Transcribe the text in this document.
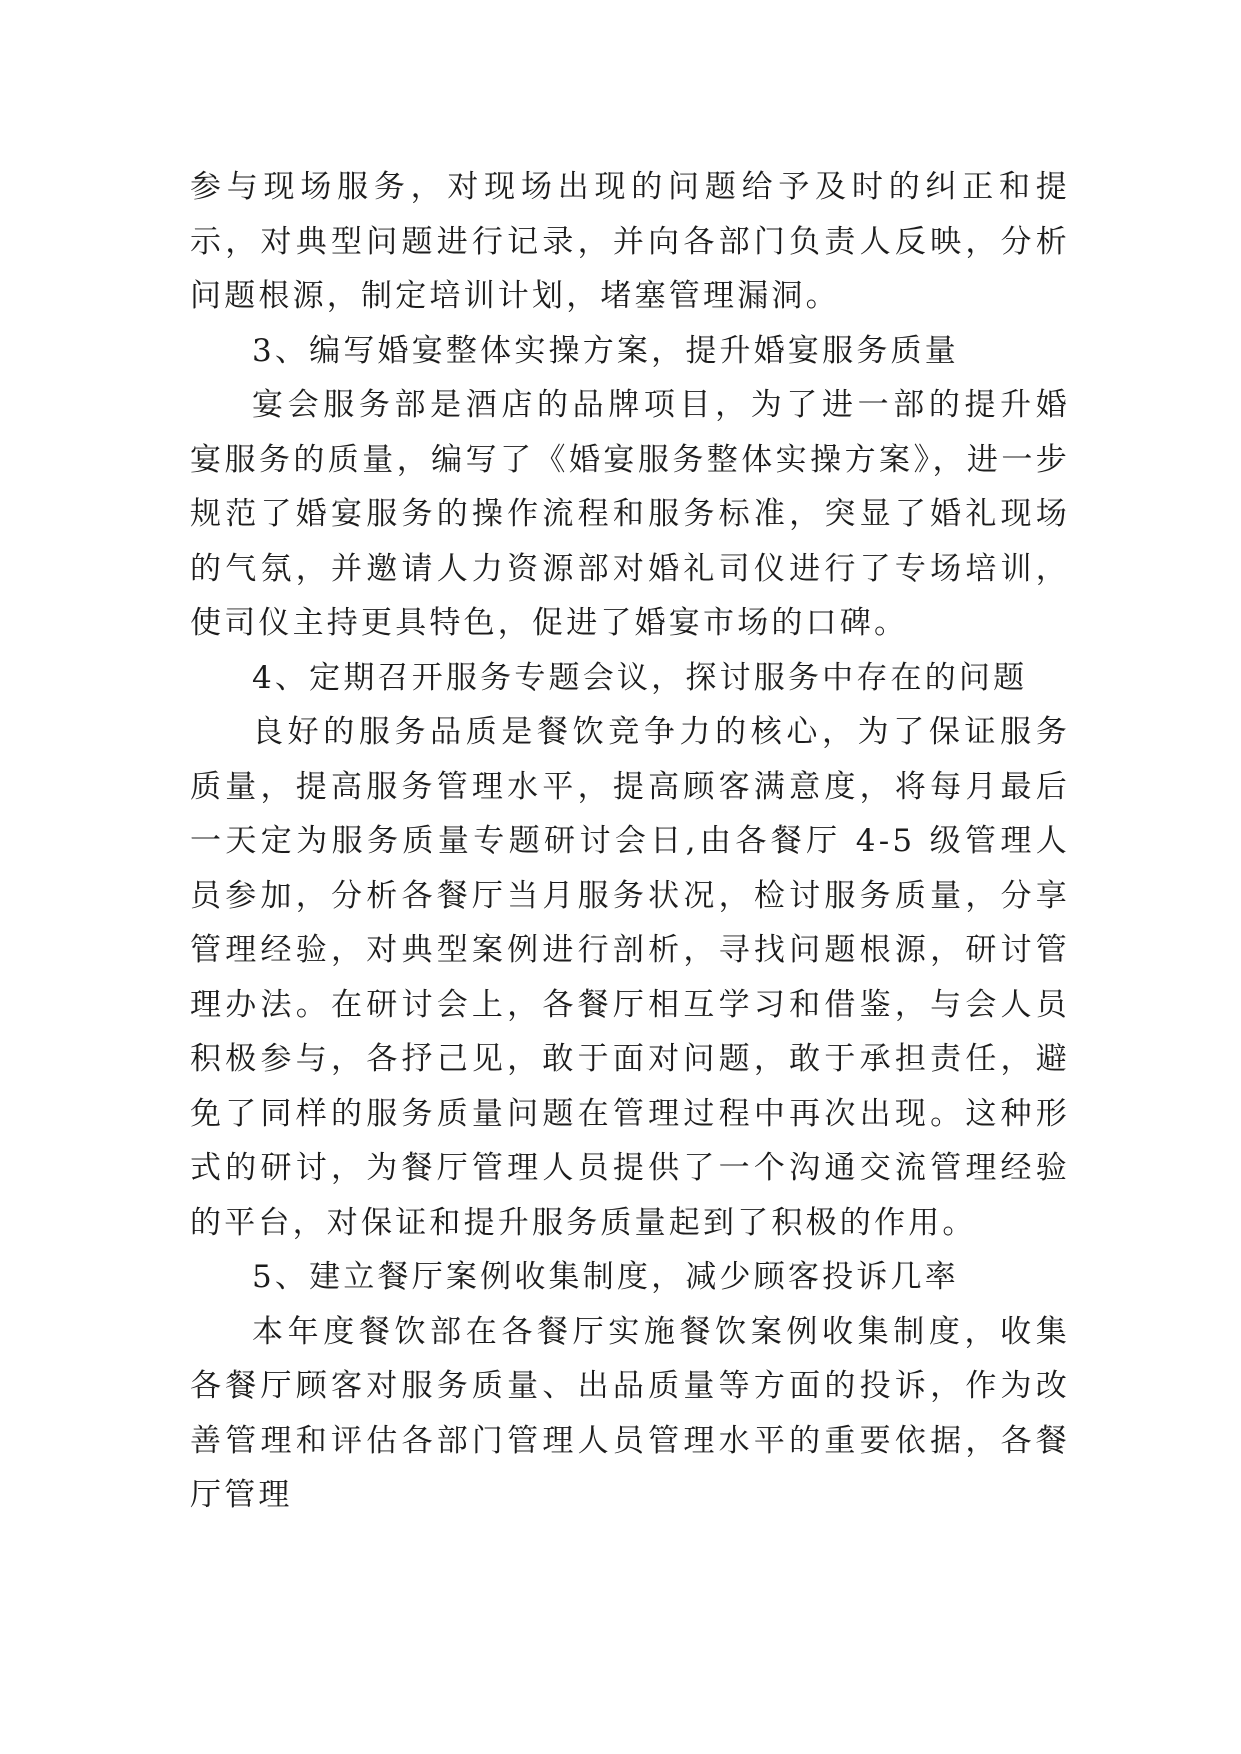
参与现场服务，对现场出现的问题给予及时的纠正和提示，对典型问题进行记录，并向各部门负责人反映，分析问题根源，制定培训计划，堵塞管理漏洞。

3、编写婚宴整体实操方案，提升婚宴服务质量

宴会服务部是酒店的品牌项目，为了进一部的提升婚宴服务的质量，编写了《婚宴服务整体实操方案》，进一步规范了婚宴服务的操作流程和服务标准，突显了婚礼现场的气氛，并邀请人力资源部对婚礼司仪进行了专场培训，使司仪主持更具特色，促进了婚宴市场的口碑。

4、定期召开服务专题会议，探讨服务中存在的问题

良好的服务品质是餐饮竞争力的核心，为了保证服务质量，提高服务管理水平，提高顾客满意度，将每月最后一天定为服务质量专题研讨会日,由各餐厅 4-5 级管理人员参加，分析各餐厅当月服务状况，检讨服务质量，分享管理经验，对典型案例进行剖析，寻找问题根源，研讨管理办法。在研讨会上，各餐厅相互学习和借鉴，与会人员积极参与，各抒己见，敢于面对问题，敢于承担责任，避免了同样的服务质量问题在管理过程中再次出现。这种形式的研讨，为餐厅管理人员提供了一个沟通交流管理经验的平台，对保证和提升服务质量起到了积极的作用。

5、建立餐厅案例收集制度，减少顾客投诉几率

本年度餐饮部在各餐厅实施餐饮案例收集制度，收集各餐厅顾客对服务质量、出品质量等方面的投诉，作为改善管理和评估各部门管理人员管理水平的重要依据，各餐厅管理
